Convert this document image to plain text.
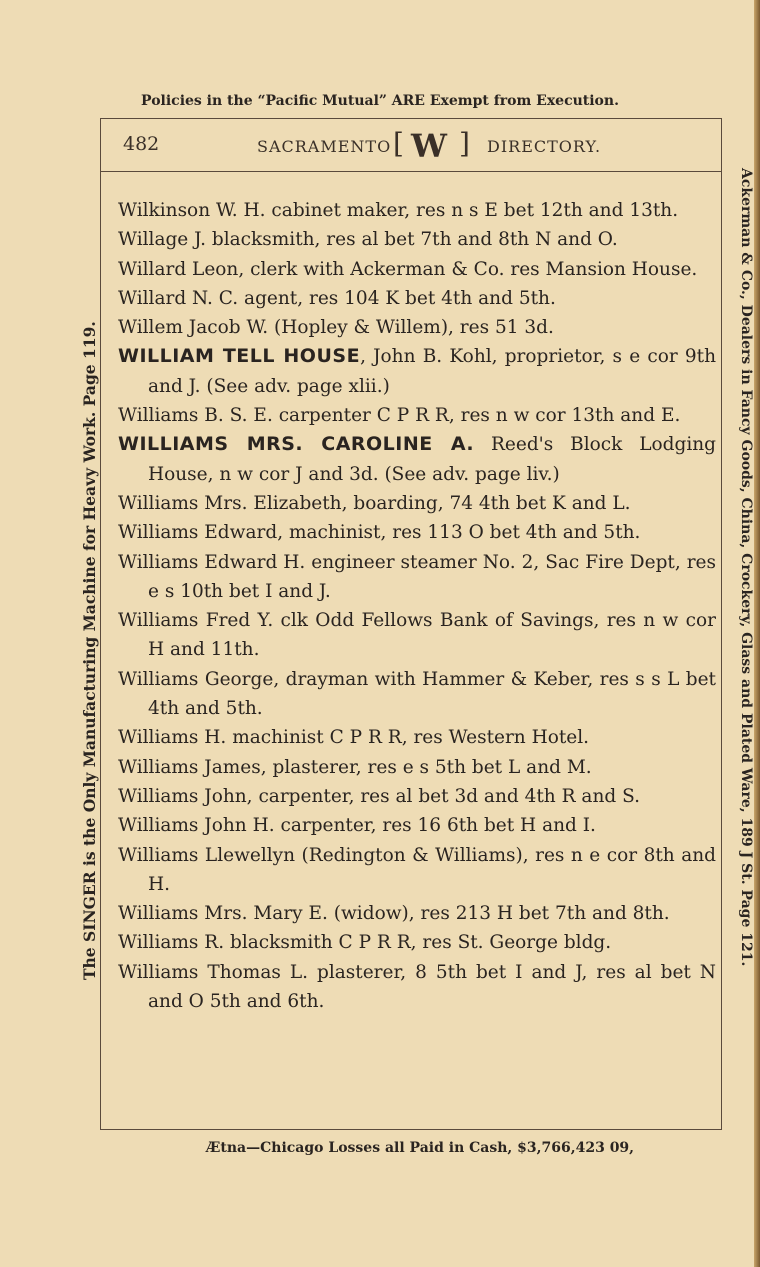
Policies in the “Pacific Mutual” ARE Exempt from Execution.
The SINGER is the Only Manufacturing Machine for Heavy Work. Page 119.	Ackerman & Co., Dealers in Fancy Goods, China, Crockery, Glass and Plated Ware, 189 J St. Page 121.
482	SACRAMENTO [ W ] DIRECTORY.

Wilkinson W. H. cabinet maker, res n s E bet 12th and 13th.

Willage J. blacksmith, res al bet 7th and 8th N and O.

Willard Leon, clerk with Ackerman & Co. res Mansion House.

Willard N. C. agent, res 104 K bet 4th and 5th.

Willem Jacob W. (Hopley & Willem), res 51 3d.

WILLIAM TELL HOUSE, John B. Kohl, proprietor, s e cor 9th and J. (See adv. page xlii.)

Williams B. S. E. carpenter C P R R, res n w cor 13th and E.

WILLIAMS MRS. CAROLINE A. Reed's Block Lodging House, n w cor J and 3d. (See adv. page liv.)

Williams Mrs. Elizabeth, boarding, 74 4th bet K and L.

Williams Edward, machinist, res 113 O bet 4th and 5th.

Williams Edward H. engineer steamer No. 2, Sac Fire Dept, res e s 10th bet I and J.

Williams Fred Y. clk Odd Fellows Bank of Savings, res n w cor H and 11th.

Williams George, drayman with Hammer & Keber, res s s L bet 4th and 5th.

Williams H. machinist C P R R, res Western Hotel.

Williams James, plasterer, res e s 5th bet L and M.

Williams John, carpenter, res al bet 3d and 4th R and S.

Williams John H. carpenter, res 16 6th bet H and I.

Williams Llewellyn (Redington & Williams), res n e cor 8th and H.

Williams Mrs. Mary E. (widow), res 213 H bet 7th and 8th.

Williams R. blacksmith C P R R, res St. George bldg.

Williams Thomas L. plasterer, 8 5th bet I and J, res al bet N and O 5th and 6th.

Ætna—Chicago Losses all Paid in Cash, $3,766,423 09,
